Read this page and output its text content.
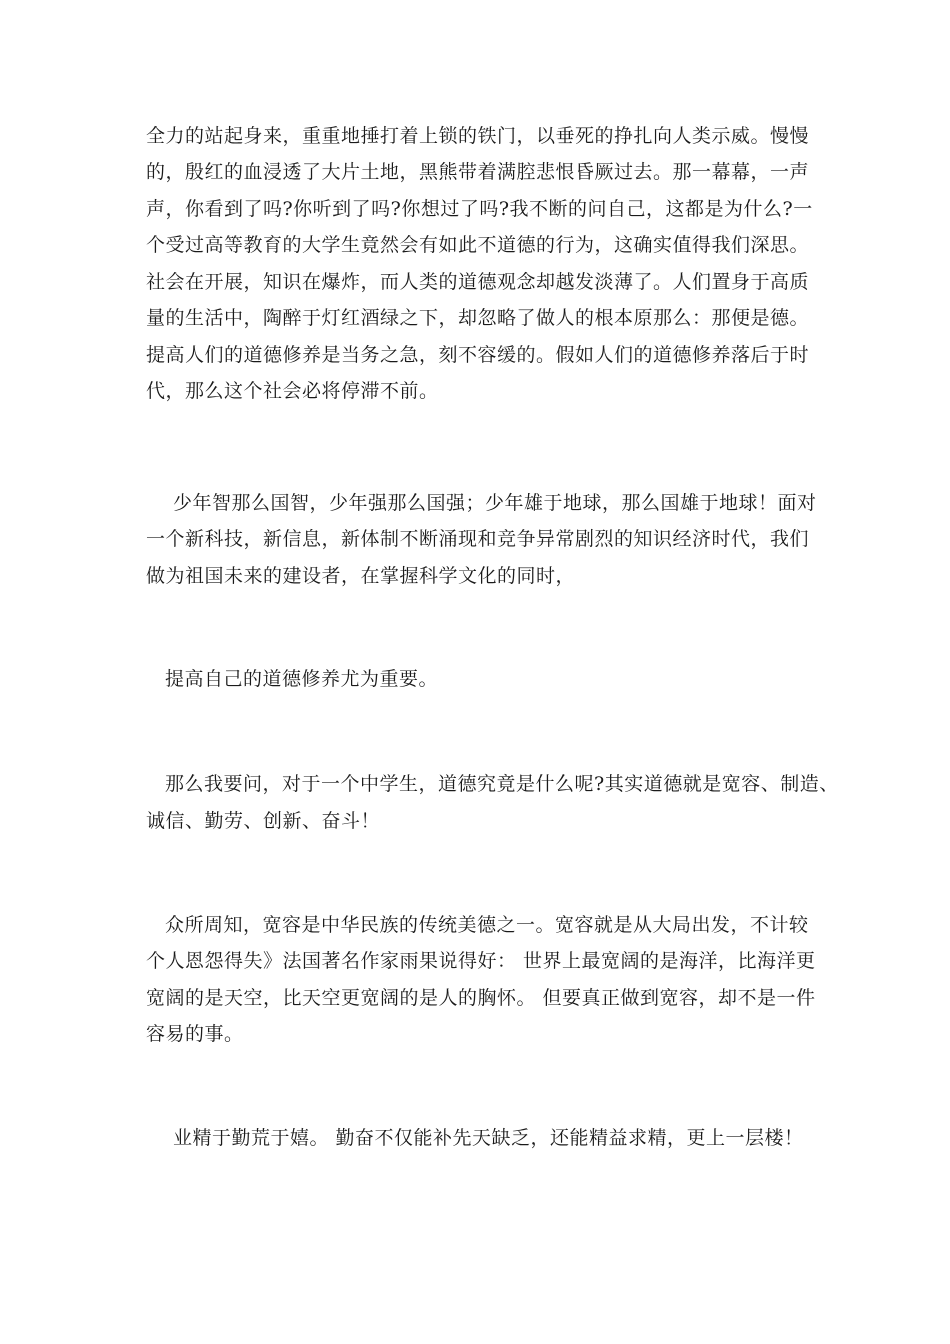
全力的站起身来，重重地捶打着上锁的铁门，以垂死的挣扎向人类示威。慢慢
的，殷红的血浸透了大片土地，黑熊带着满腔悲恨昏厥过去。那一幕幕，一声
声，你看到了吗?你听到了吗?你想过了吗?我不断的问自己，这都是为什么?一
个受过高等教育的大学生竟然会有如此不道德的行为，这确实值得我们深思。
社会在开展，知识在爆炸，而人类的道德观念却越发淡薄了。人们置身于高质
量的生活中，陶醉于灯红酒绿之下，却忽略了做人的根本原那么：那便是德。
提高人们的道德修养是当务之急，刻不容缓的。假如人们的道德修养落后于时
代，那么这个社会必将停滞不前。
少年智那么国智，少年强那么国强；少年雄于地球，那么国雄于地球！面对
一个新科技，新信息，新体制不断涌现和竞争异常剧烈的知识经济时代，我们
做为祖国未来的建设者，在掌握科学文化的同时，
提高自己的道德修养尤为重要。
那么我要问，对于一个中学生，道德究竟是什么呢?其实道德就是宽容、制造、
诚信、勤劳、创新、奋斗！
众所周知，宽容是中华民族的传统美德之一。宽容就是从大局出发，不计较
个人恩怨得失》法国著名作家雨果说得好： 世界上最宽阔的是海洋，比海洋更
宽阔的是天空，比天空更宽阔的是人的胸怀。 但要真正做到宽容，却不是一件
容易的事。
业精于勤荒于嬉。 勤奋不仅能补先天缺乏，还能精益求精，更上一层楼！
